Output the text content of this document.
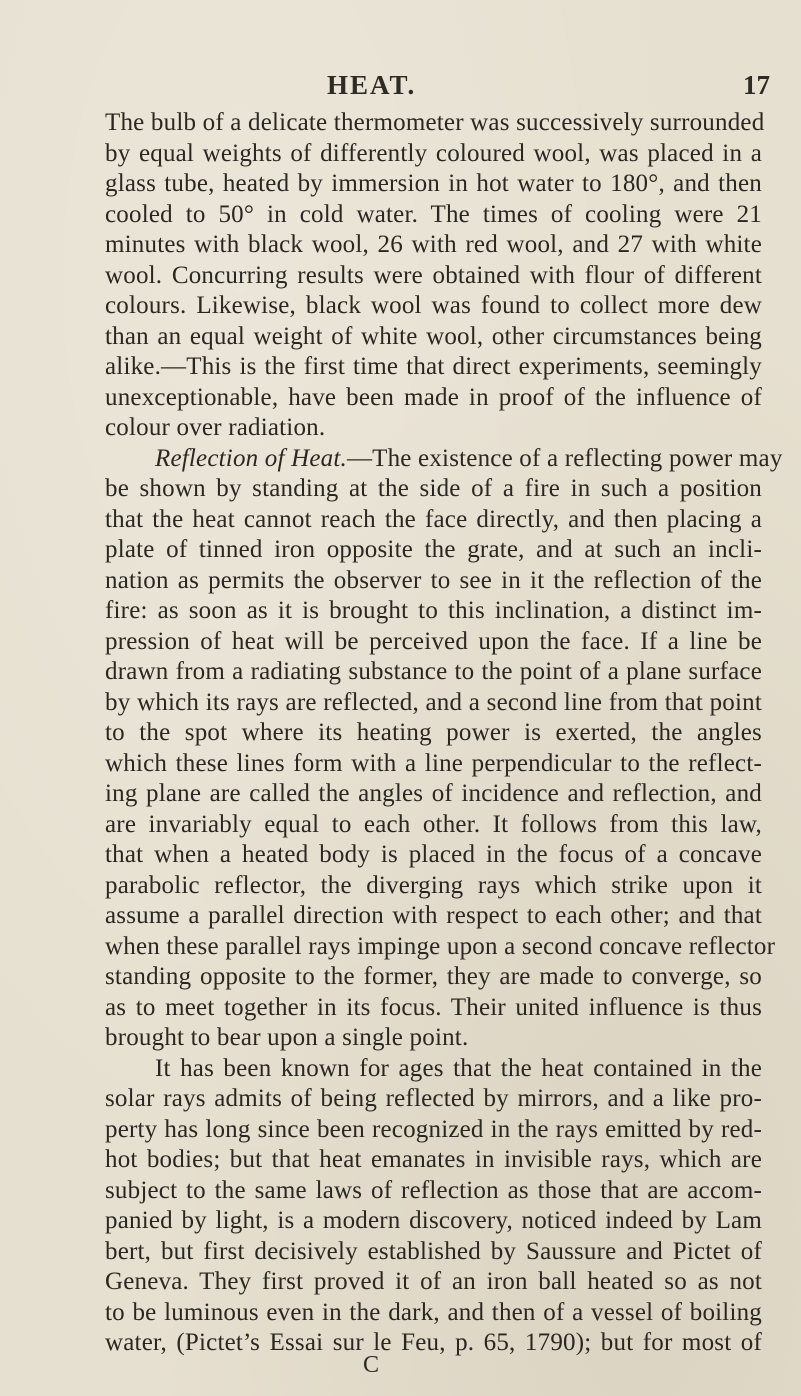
HEAT.	17
The bulb of a delicate thermometer was successively surrounded
by equal weights of differently coloured wool, was placed in a
glass tube, heated by immersion in hot water to 180°, and then
cooled to 50° in cold water. The times of cooling were 21
minutes with black wool, 26 with red wool, and 27 with white
wool. Concurring results were obtained with flour of different
colours. Likewise, black wool was found to collect more dew
than an equal weight of white wool, other circumstances being
alike.—This is the first time that direct experiments, seemingly
unexceptionable, have been made in proof of the influence of
colour over radiation.
Reflection of Heat.—The existence of a reflecting power may
be shown by standing at the side of a fire in such a position
that the heat cannot reach the face directly, and then placing a
plate of tinned iron opposite the grate, and at such an incli-
nation as permits the observer to see in it the reflection of the
fire: as soon as it is brought to this inclination, a distinct im-
pression of heat will be perceived upon the face. If a line be
drawn from a radiating substance to the point of a plane surface
by which its rays are reflected, and a second line from that point
to the spot where its heating power is exerted, the angles
which these lines form with a line perpendicular to the reflect-
ing plane are called the angles of incidence and reflection, and
are invariably equal to each other. It follows from this law,
that when a heated body is placed in the focus of a concave
parabolic reflector, the diverging rays which strike upon it
assume a parallel direction with respect to each other; and that
when these parallel rays impinge upon a second concave reflector
standing opposite to the former, they are made to converge, so
as to meet together in its focus. Their united influence is thus
brought to bear upon a single point.
It has been known for ages that the heat contained in the
solar rays admits of being reflected by mirrors, and a like pro-
perty has long since been recognized in the rays emitted by red-
hot bodies; but that heat emanates in invisible rays, which are
subject to the same laws of reflection as those that are accom-
panied by light, is a modern discovery, noticed indeed by Lam
bert, but first decisively established by Saussure and Pictet of
Geneva. They first proved it of an iron ball heated so as not
to be luminous even in the dark, and then of a vessel of boiling
water, (Pictet’s Essai sur le Feu, p. 65, 1790); but for most of
C
